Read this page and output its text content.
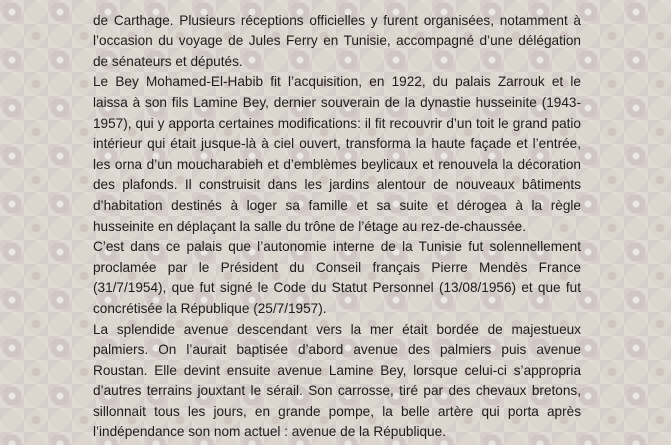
de Carthage. Plusieurs réceptions officielles y furent organisées, notamment à l’occasion du voyage de Jules Ferry en Tunisie, accompagné d’une délégation de sénateurs et députés.

Le Bey Mohamed-El-Habib fit l’acquisition, en 1922, du palais Zarrouk et le laissa à son fils Lamine Bey, dernier souverain de la dynastie husseinite (1943-1957), qui y apporta certaines modifications: il fit recouvrir d’un toit le grand patio intérieur qui était jusque-là à ciel ouvert, transforma la haute façade et l’entrée, les orna d’un moucharabieh et d’emblèmes beylicaux et renouvela la décoration des plafonds. Il construisit dans les jardins alentour de nouveaux bâtiments d’habitation destinés à loger sa famille et sa suite et dérogea à la règle husseinite en déplaçant la salle du trône de l’étage au rez-de-chaussée.

C’est dans ce palais que l’autonomie interne de la Tunisie fut solennellement proclamée par le Président du Conseil français Pierre Mendès France (31/7/1954), que fut signé le Code du Statut Personnel (13/08/1956) et que fut concrétisée la République (25/7/1957).

La splendide avenue descendant vers la mer était bordée de majestueux palmiers. On l’aurait baptisée d’abord avenue des palmiers puis avenue Roustan. Elle devint ensuite avenue Lamine Bey, lorsque celui-ci s’appropria d’autres terrains jouxtant le sérail. Son carrosse, tiré par des chevaux bretons, sillonnait tous les jours, en grande pompe, la belle artère qui porta après l’indépendance son nom actuel : avenue de la République.
